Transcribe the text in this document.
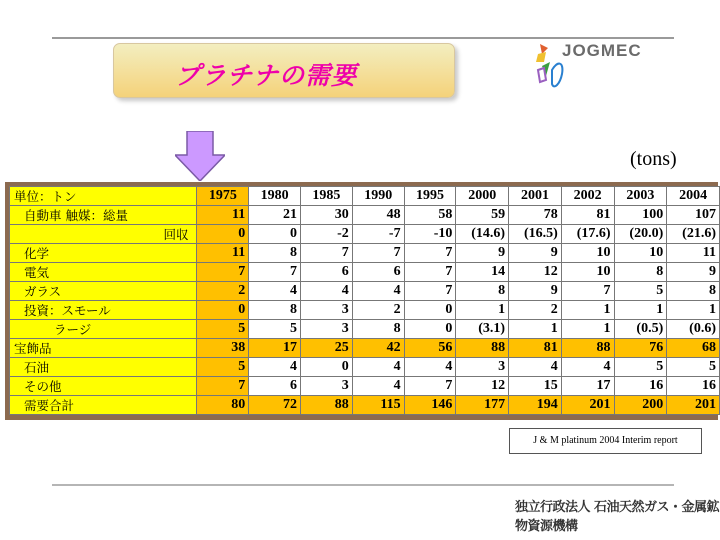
プラチナの需要
JOGMEC
(tons)
単位：トン	1975	1980	1985	1990	1995	2000	2001	2002	2003	2004
自動車 触媒：総量	11	21	30	48	58	59	78	81	100	107
回収	0	0	-2	-7	-10	(14.6)	(16.5)	(17.6)	(20.0)	(21.6)
化学	11	8	7	7	7	9	9	10	10	11
電気	7	7	6	6	7	14	12	10	8	9
ガラス	2	4	4	4	7	8	9	7	5	8
投資：スモール	0	8	3	2	0	1	2	1	1	1
ラージ	5	5	3	8	0	(3.1)	1	1	(0.5)	(0.6)
宝飾品	38	17	25	42	56	88	81	88	76	68
石油	5	4	0	4	4	3	4	4	5	5
その他	7	6	3	4	7	12	15	17	16	16
需要合計	80	72	88	115	146	177	194	201	200	201
J & M platinum 2004 Interim report
独立行政法人 石油天然ガス・金属鉱物資源機構
